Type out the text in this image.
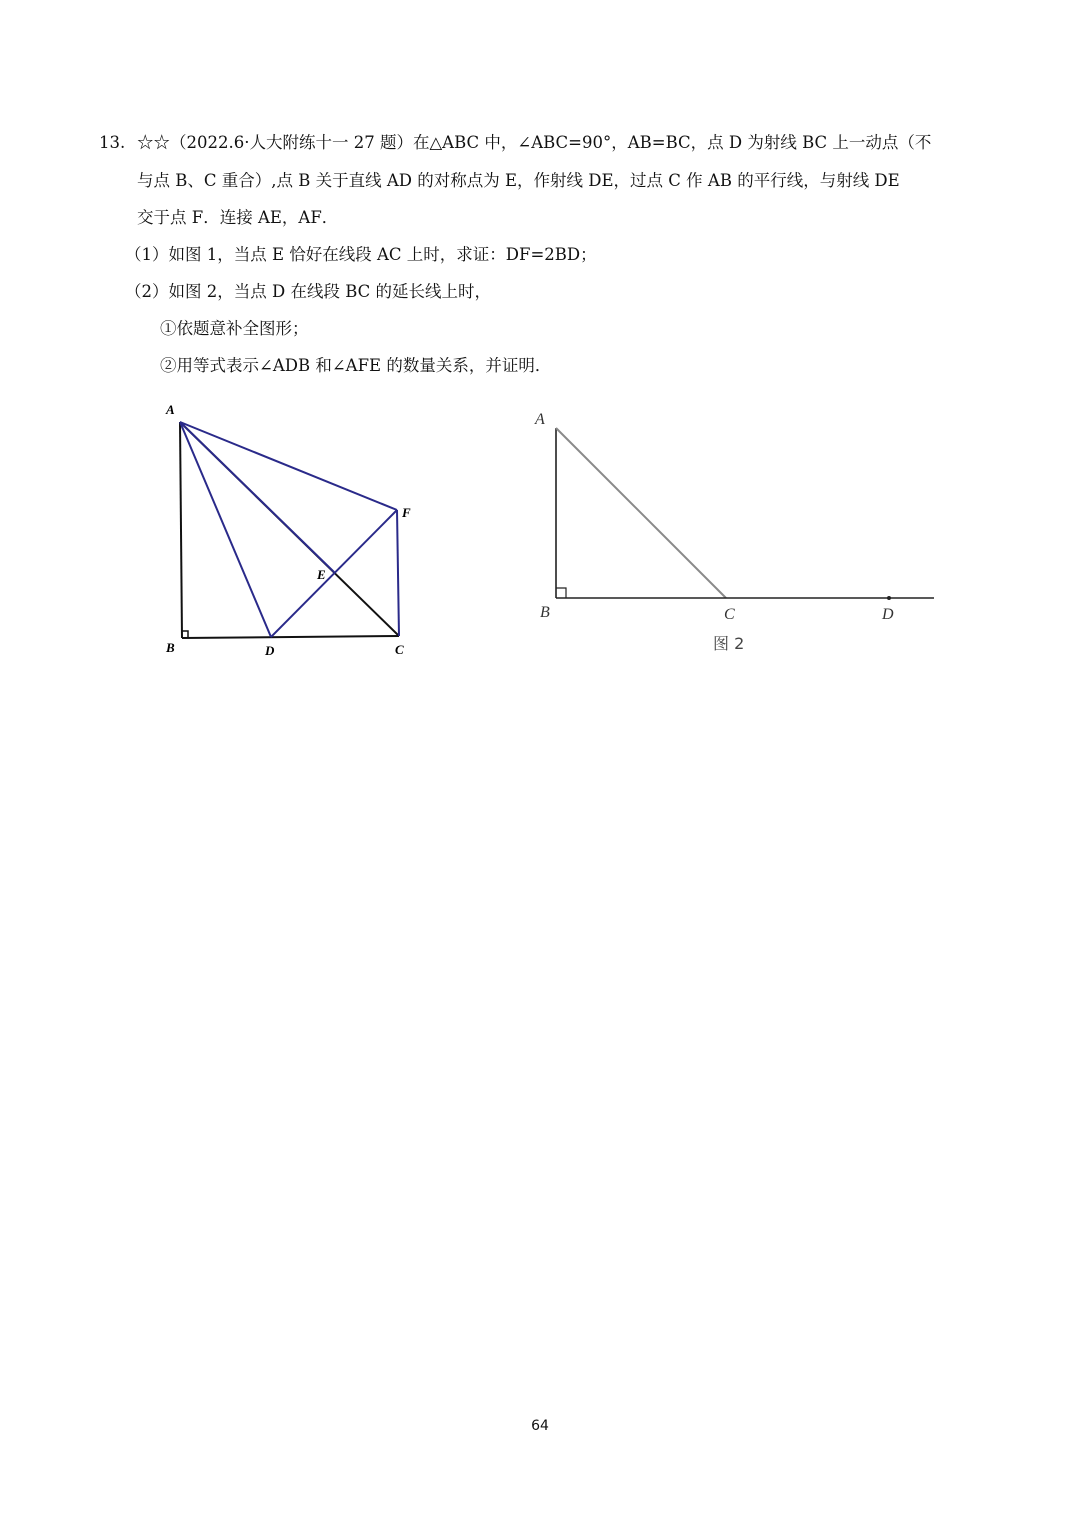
13. ☆☆（2022.6·人大附练十一 27 题）在△ABC 中，∠ABC=90°，AB=BC，点 D 为射线 BC 上一动点（不
与点 B、C 重合）,点 B 关于直线 AD 的对称点为 E，作射线 DE，过点 C 作 AB 的平行线，与射线 DE
交于点 F．连接 AE，AF．
（1）如图 1，当点 E 恰好在线段 AC 上时，求证：DF=2BD；
（2）如图 2，当点 D 在线段 BC 的延长线上时，
①依题意补全图形；
②用等式表示∠ADB 和∠AFE 的数量关系，并证明．
A
B	D	C
E
F
A
B	C	D
图 2
64
